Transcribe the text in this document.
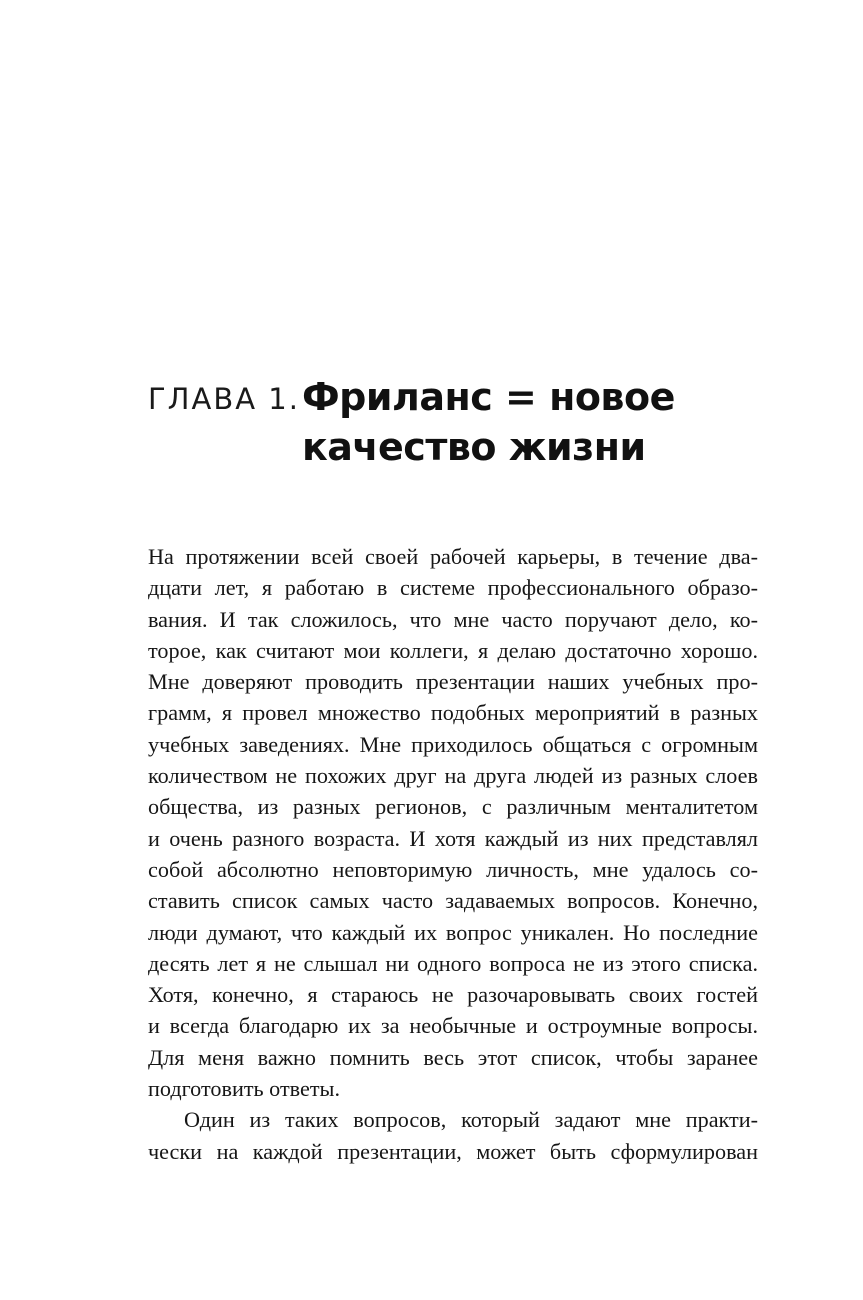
ГЛАВА 1. Фриланс = новое
качество жизни
На протяжении всей своей рабочей карьеры, в течение два-
дцати лет, я работаю в системе профессионального образо-
вания. И так сложилось, что мне часто поручают дело, ко-
торое, как считают мои коллеги, я делаю достаточно хорошо.
Мне доверяют проводить презентации наших учебных про-
грамм, я провел множество подобных мероприятий в разных
учебных заведениях. Мне приходилось общаться с огромным
количеством не похожих друг на друга людей из разных слоев
общества, из разных регионов, с различным менталитетом
и очень разного возраста. И хотя каждый из них представлял
собой абсолютно неповторимую личность, мне удалось со-
ставить список самых часто задаваемых вопросов. Конечно,
люди думают, что каждый их вопрос уникален. Но последние
десять лет я не слышал ни одного вопроса не из этого списка.
Хотя, конечно, я стараюсь не разочаровывать своих гостей
и всегда благодарю их за необычные и остроумные вопросы.
Для меня важно помнить весь этот список, чтобы заранее
подготовить ответы.
Один из таких вопросов, который задают мне практи-
чески на каждой презентации, может быть сформулирован
